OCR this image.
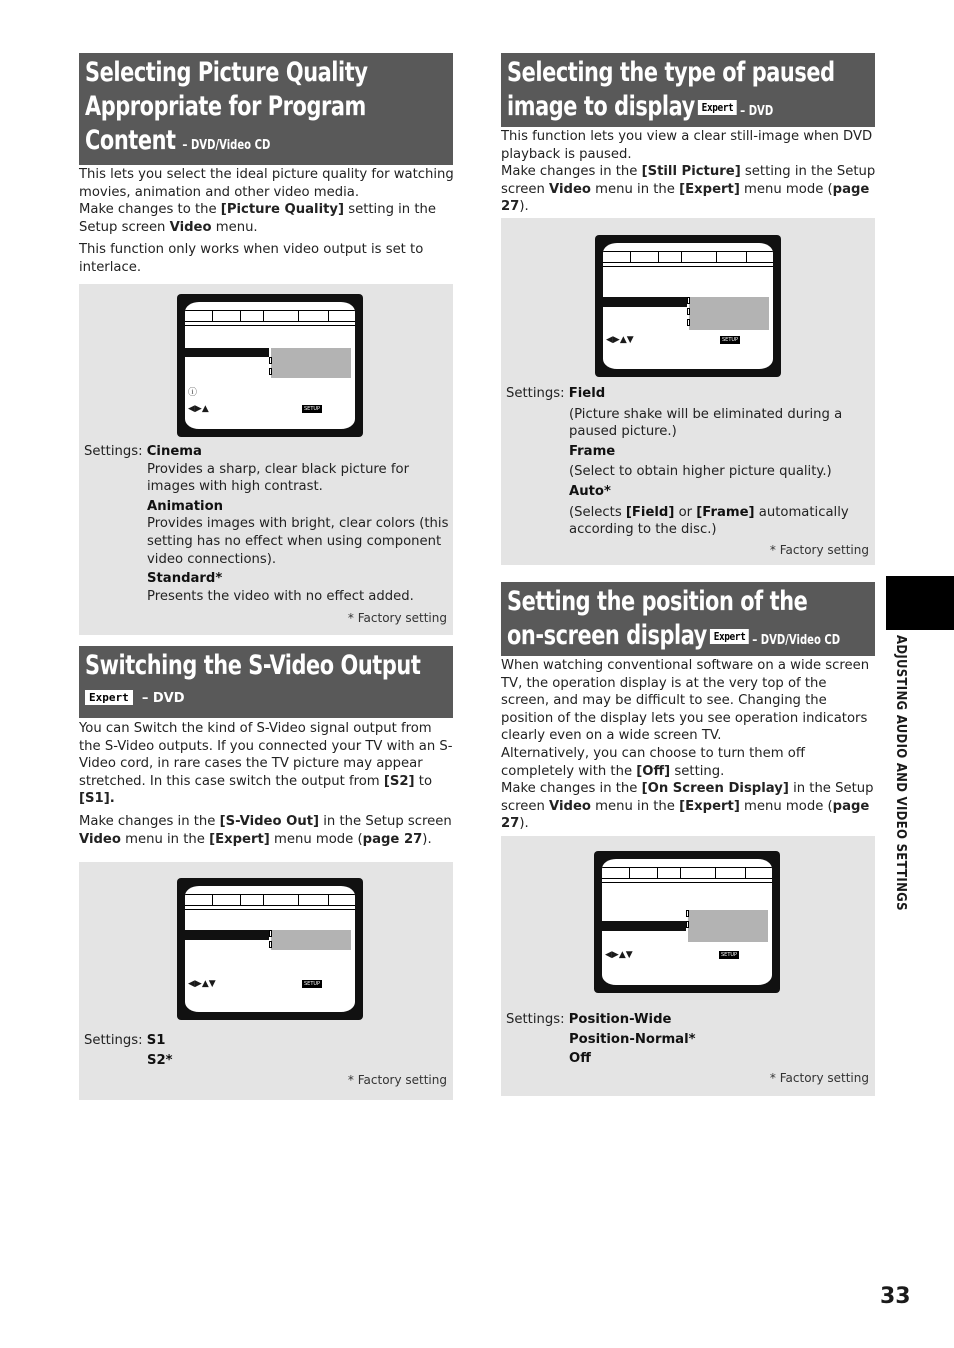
Selecting Picture Quality
Appropriate for Program
Content – DVD/Video CD

This lets you select the ideal picture quality for watching movies, animation and other video media.
Make changes to the [Picture Quality] setting in the Setup screen Video menu.

This function only works when video output is set to interlace.

ⓘ
◀▶▲	SETUP
Settings: Cinema
Provides a sharp, clear black picture for images with high contrast.
Animation
Provides images with bright, clear colors (this setting has no effect when using component video connections).
Standard*
Presents the video with no effect added.
* Factory setting
Switching the S-Video Output
Expert – DVD

You can Switch the kind of S-Video signal output from the S-Video outputs. If you connected your TV with an S-Video cord, in rare cases the TV picture may appear stretched. In this case switch the output from [S2] to [S1].

Make changes in the [S-Video Out] in the Setup screen Video menu in the [Expert] menu mode (page 27).

◀▶▲▼	SETUP
Settings: S1
S2*
* Factory setting
Selecting the type of paused
image to display Expert – DVD

This function lets you view a clear still-image when DVD playback is paused.
Make changes in the [Still Picture] setting in the Setup screen Video menu in the [Expert] menu mode (page 27).

◀▶▲▼	SETUP
Settings: Field
(Picture shake will be eliminated during a paused picture.)
Frame
(Select to obtain higher picture quality.)
Auto*
(Selects [Field] or [Frame] automatically according to the disc.)
* Factory setting
Setting the position of the
on-screen display Expert – DVD/Video CD

When watching conventional software on a wide screen TV, the operation display is at the very top of the screen, and may be difficult to see. Changing the position of the display lets you see operation indicators clearly even on a wide screen TV.
Alternatively, you can choose to turn them off completely with the [Off] setting.
Make changes in the [On Screen Display] in the Setup screen Video menu in the [Expert] menu mode (page 27).

◀▶▲▼	SETUP
Settings: Position-Wide
Position-Normal*
Off
* Factory setting
ADJUSTING AUDIO AND VIDEO SETTINGS
33
